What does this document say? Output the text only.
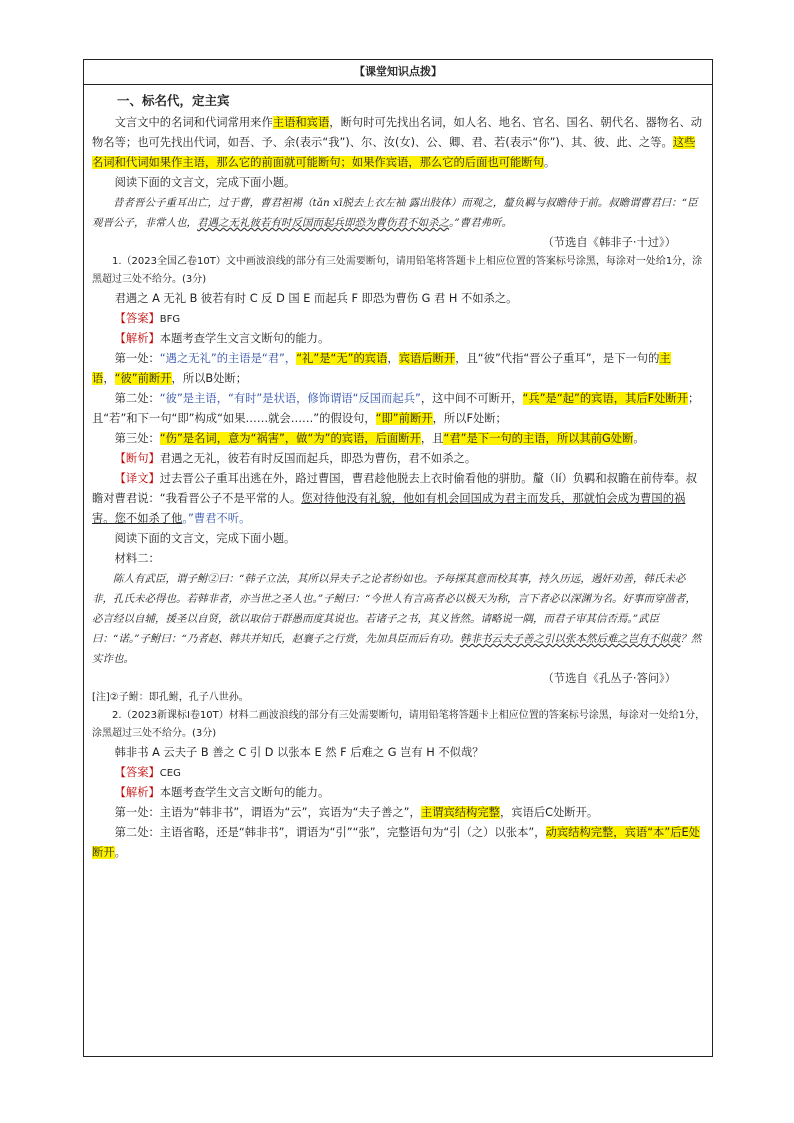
【课堂知识点拨】

一、标名代，定主宾

文言文中的名词和代词常用来作主语和宾语，断句时可先找出名词，如人名、地名、官名、国名、朝代名、器物名、动物名等；也可先找出代词，如吾、予、余(表示“我”)、尔、汝(女)、公、卿、君、若(表示“你”)、其、彼、此、之等。这些名词和代词如果作主语，那么它的前面就可能断句；如果作宾语，那么它的后面也可能断句。

阅读下面的文言文，完成下面小题。

昔者晋公子重耳出亡，过于曹，曹君袒裼（tǎn xī脱去上衣左袖 露出肢体）而观之，釐负羁与叔瞻侍于前。叔瞻谓曹君曰：“臣观晋公子，非常人也，君遇之无礼彼若有时反国而起兵即恐为曹伤君不如杀之。”曹君弗听。

（节选自《韩非子·十过》）

1.（2023全国乙卷10T）文中画波浪线的部分有三处需要断句，请用铅笔将答题卡上相应位置的答案标号涂黑，每涂对一处给1分，涂黑超过三处不给分。(3分)

君遇之 A 无礼 B 彼若有时 C 反 D 国 E 而起兵 F 即恐为曹伤 G 君 H 不如杀之。

【答案】BFG

【解析】本题考查学生文言文断句的能力。

第一处：“遇之无礼”的主语是“君”，“礼”是“无”的宾语，宾语后断开，且“彼”代指“晋公子重耳”，是下一句的主语，“彼”前断开，所以B处断；

第二处：“彼”是主语，“有时”是状语，修饰谓语“反国而起兵”，这中间不可断开，“兵”是“起”的宾语，其后F处断开；且“若”和下一句“即”构成“如果……就会……”的假设句，“即”前断开，所以F处断；

第三处：“伤”是名词，意为“祸害”，做“为”的宾语，后面断开，且“君”是下一句的主语，所以其前G处断。

【断句】君遇之无礼，彼若有时反国而起兵，即恐为曹伤，君不如杀之。

【译文】过去晋公子重耳出逃在外，路过曹国，曹君趁他脱去上衣时偷看他的骈肋。釐（lí）负羁和叔瞻在前侍奉。叔瞻对曹君说：“我看晋公子不是平常的人。您对待他没有礼貌，他如有机会回国成为君主而发兵，那就怕会成为曹国的祸害。您不如杀了他。”曹君不听。

阅读下面的文言文，完成下面小题。

材料二：

陈人有武臣，谓子鲋②曰：“韩子立法，其所以异夫子之论者纷如也。予每探其意而校其事，持久历远，遏奸劝善，韩氏未必非，孔氏未必得也。若韩非者，亦当世之圣人也。”子鲋曰：“今世人有言高者必以极天为称，言下者必以深渊为名。好事而穿凿者，必言经以自辅，援圣以自贤，欲以取信于群愚而度其说也。若诸子之书，其义皆然。请略说一隅，而君子审其信否焉。”武臣曰：“诺。”子鲋曰：“乃者赵、韩共并知氏，赵襄子之行赏，先加具臣而后有功。韩非书云夫子善之引以张本然后难之岂有不似哉？然实诈也。

（节选自《孔丛子·答问》）

[注]②子鲋：即孔鲋，孔子八世孙。

2.（2023新课标Ⅰ卷10T）材料二画波浪线的部分有三处需要断句，请用铅笔将答题卡上相应位置的答案标号涂黑，每涂对一处给1分，涂黑超过三处不给分。(3分)

韩非书 A 云夫子 B 善之 C 引 D 以张本 E 然 F 后难之 G 岂有 H 不似哉？

【答案】CEG

【解析】本题考查学生文言文断句的能力。

第一处：主语为“韩非书”，谓语为“云”，宾语为“夫子善之”，主谓宾结构完整，宾语后C处断开。

第二处：主语省略，还是“韩非书”，谓语为“引”“张”，完整语句为“引（之）以张本”，动宾结构完整，宾语“本”后E处断开。
